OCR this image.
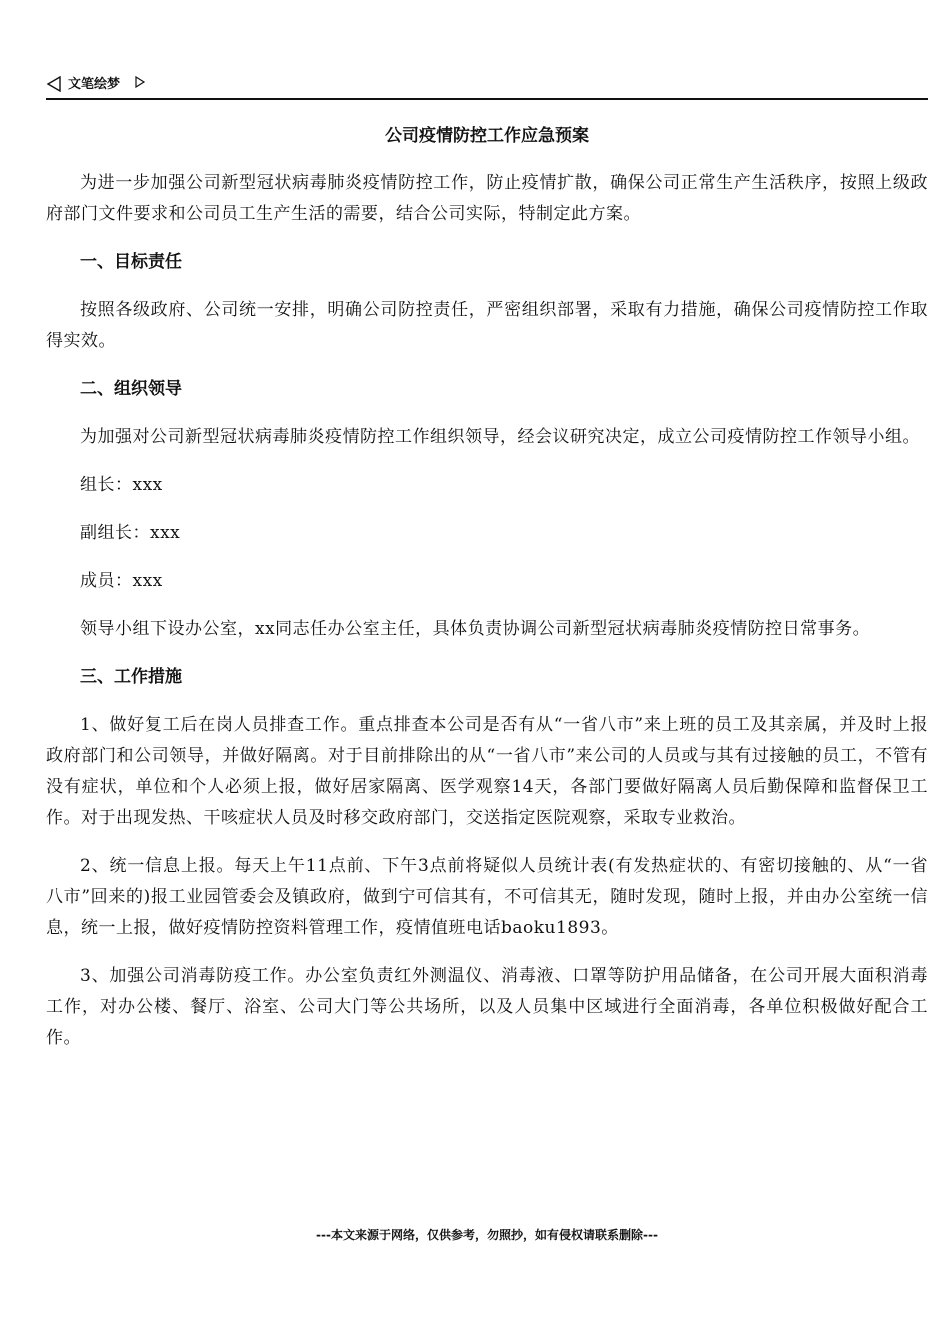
文笔绘梦
公司疫情防控工作应急预案

为进一步加强公司新型冠状病毒肺炎疫情防控工作，防止疫情扩散，确保公司正常生产生活秩序，按照上级政府部门文件要求和公司员工生产生活的需要，结合公司实际，特制定此方案。

一、目标责任

按照各级政府、公司统一安排，明确公司防控责任，严密组织部署，采取有力措施，确保公司疫情防控工作取得实效。

二、组织领导

为加强对公司新型冠状病毒肺炎疫情防控工作组织领导，经会议研究决定，成立公司疫情防控工作领导小组。

组长：xxx

副组长：xxx

成员：xxx

领导小组下设办公室，xx同志任办公室主任，具体负责协调公司新型冠状病毒肺炎疫情防控日常事务。

三、工作措施

1、做好复工后在岗人员排查工作。重点排查本公司是否有从“一省八市”来上班的员工及其亲属，并及时上报政府部门和公司领导，并做好隔离。对于目前排除出的从“一省八市”来公司的人员或与其有过接触的员工，不管有没有症状，单位和个人必须上报，做好居家隔离、医学观察14天，各部门要做好隔离人员后勤保障和监督保卫工作。对于出现发热、干咳症状人员及时移交政府部门，交送指定医院观察，采取专业救治。

2、统一信息上报。每天上午11点前、下午3点前将疑似人员统计表(有发热症状的、有密切接触的、从“一省八市”回来的)报工业园管委会及镇政府，做到宁可信其有，不可信其无，随时发现，随时上报，并由办公室统一信息，统一上报，做好疫情防控资料管理工作，疫情值班电话baoku1893。

3、加强公司消毒防疫工作。办公室负责红外测温仪、消毒液、口罩等防护用品储备，在公司开展大面积消毒工作，对办公楼、餐厅、浴室、公司大门等公共场所，以及人员集中区域进行全面消毒，各单位积极做好配合工作。

---本文来源于网络，仅供参考，勿照抄，如有侵权请联系删除---
